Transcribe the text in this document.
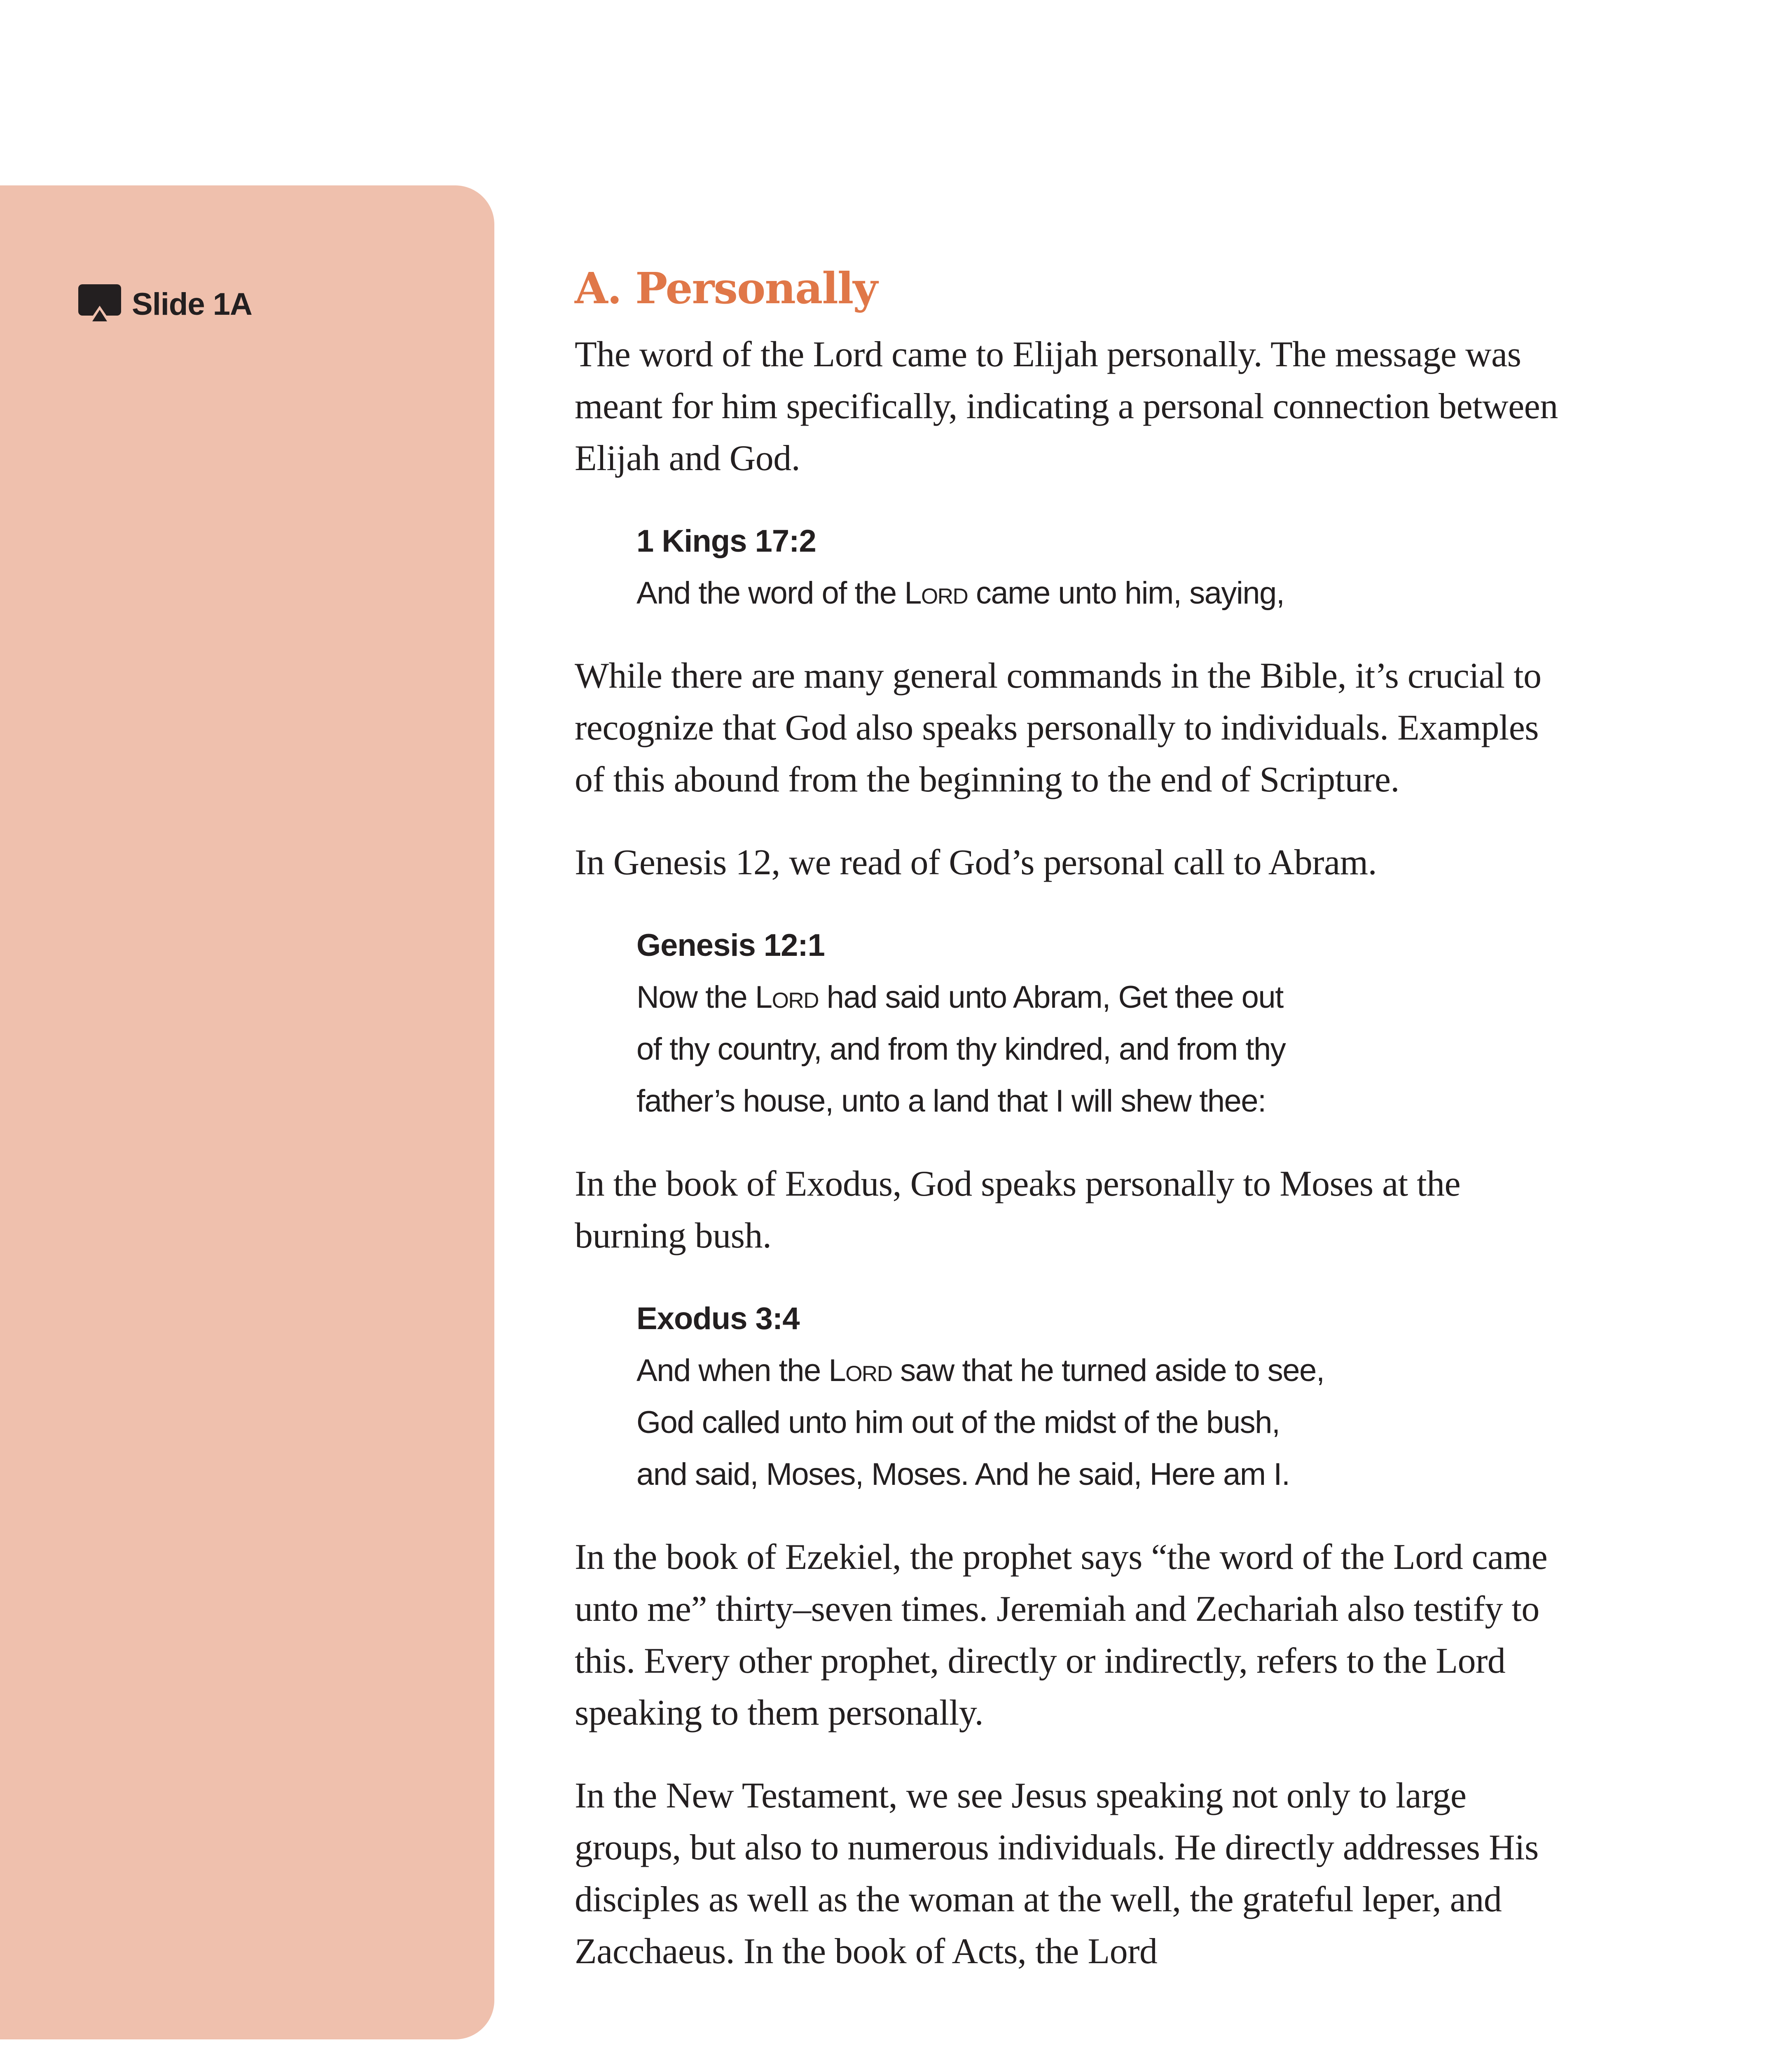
Slide 1A	A. Personally

The word of the Lord came to Elijah personally. The message was meant for him specifically, indicating a personal connection between Elijah and God.

1 Kings 17:2
And the word of the Lord came unto him, saying,

While there are many general commands in the Bible, it’s crucial to recognize that God also speaks personally to individuals. Examples of this abound from the beginning to the end of Scripture.

In Genesis 12, we read of God’s personal call to Abram.

Genesis 12:1
Now the Lord had said unto Abram, Get thee out
of thy country, and from thy kindred, and from thy
father’s house, unto a land that I will shew thee:

In the book of Exodus, God speaks personally to Moses at the burning bush.

Exodus 3:4
And when the Lord saw that he turned aside to see,
God called unto him out of the midst of the bush,
and said, Moses, Moses. And he said, Here am I.

In the book of Ezekiel, the prophet says “the word of the Lord came unto me” thirty–seven times. Jeremiah and Zechariah also testify to this. Every other prophet, directly or indirectly, refers to the Lord speaking to them personally.

In the New Testament, we see Jesus speaking not only to large groups, but also to numerous individuals. He directly addresses His disciples as well as the woman at the well, the grateful leper, and Zacchaeus. In the book of Acts, the Lord
